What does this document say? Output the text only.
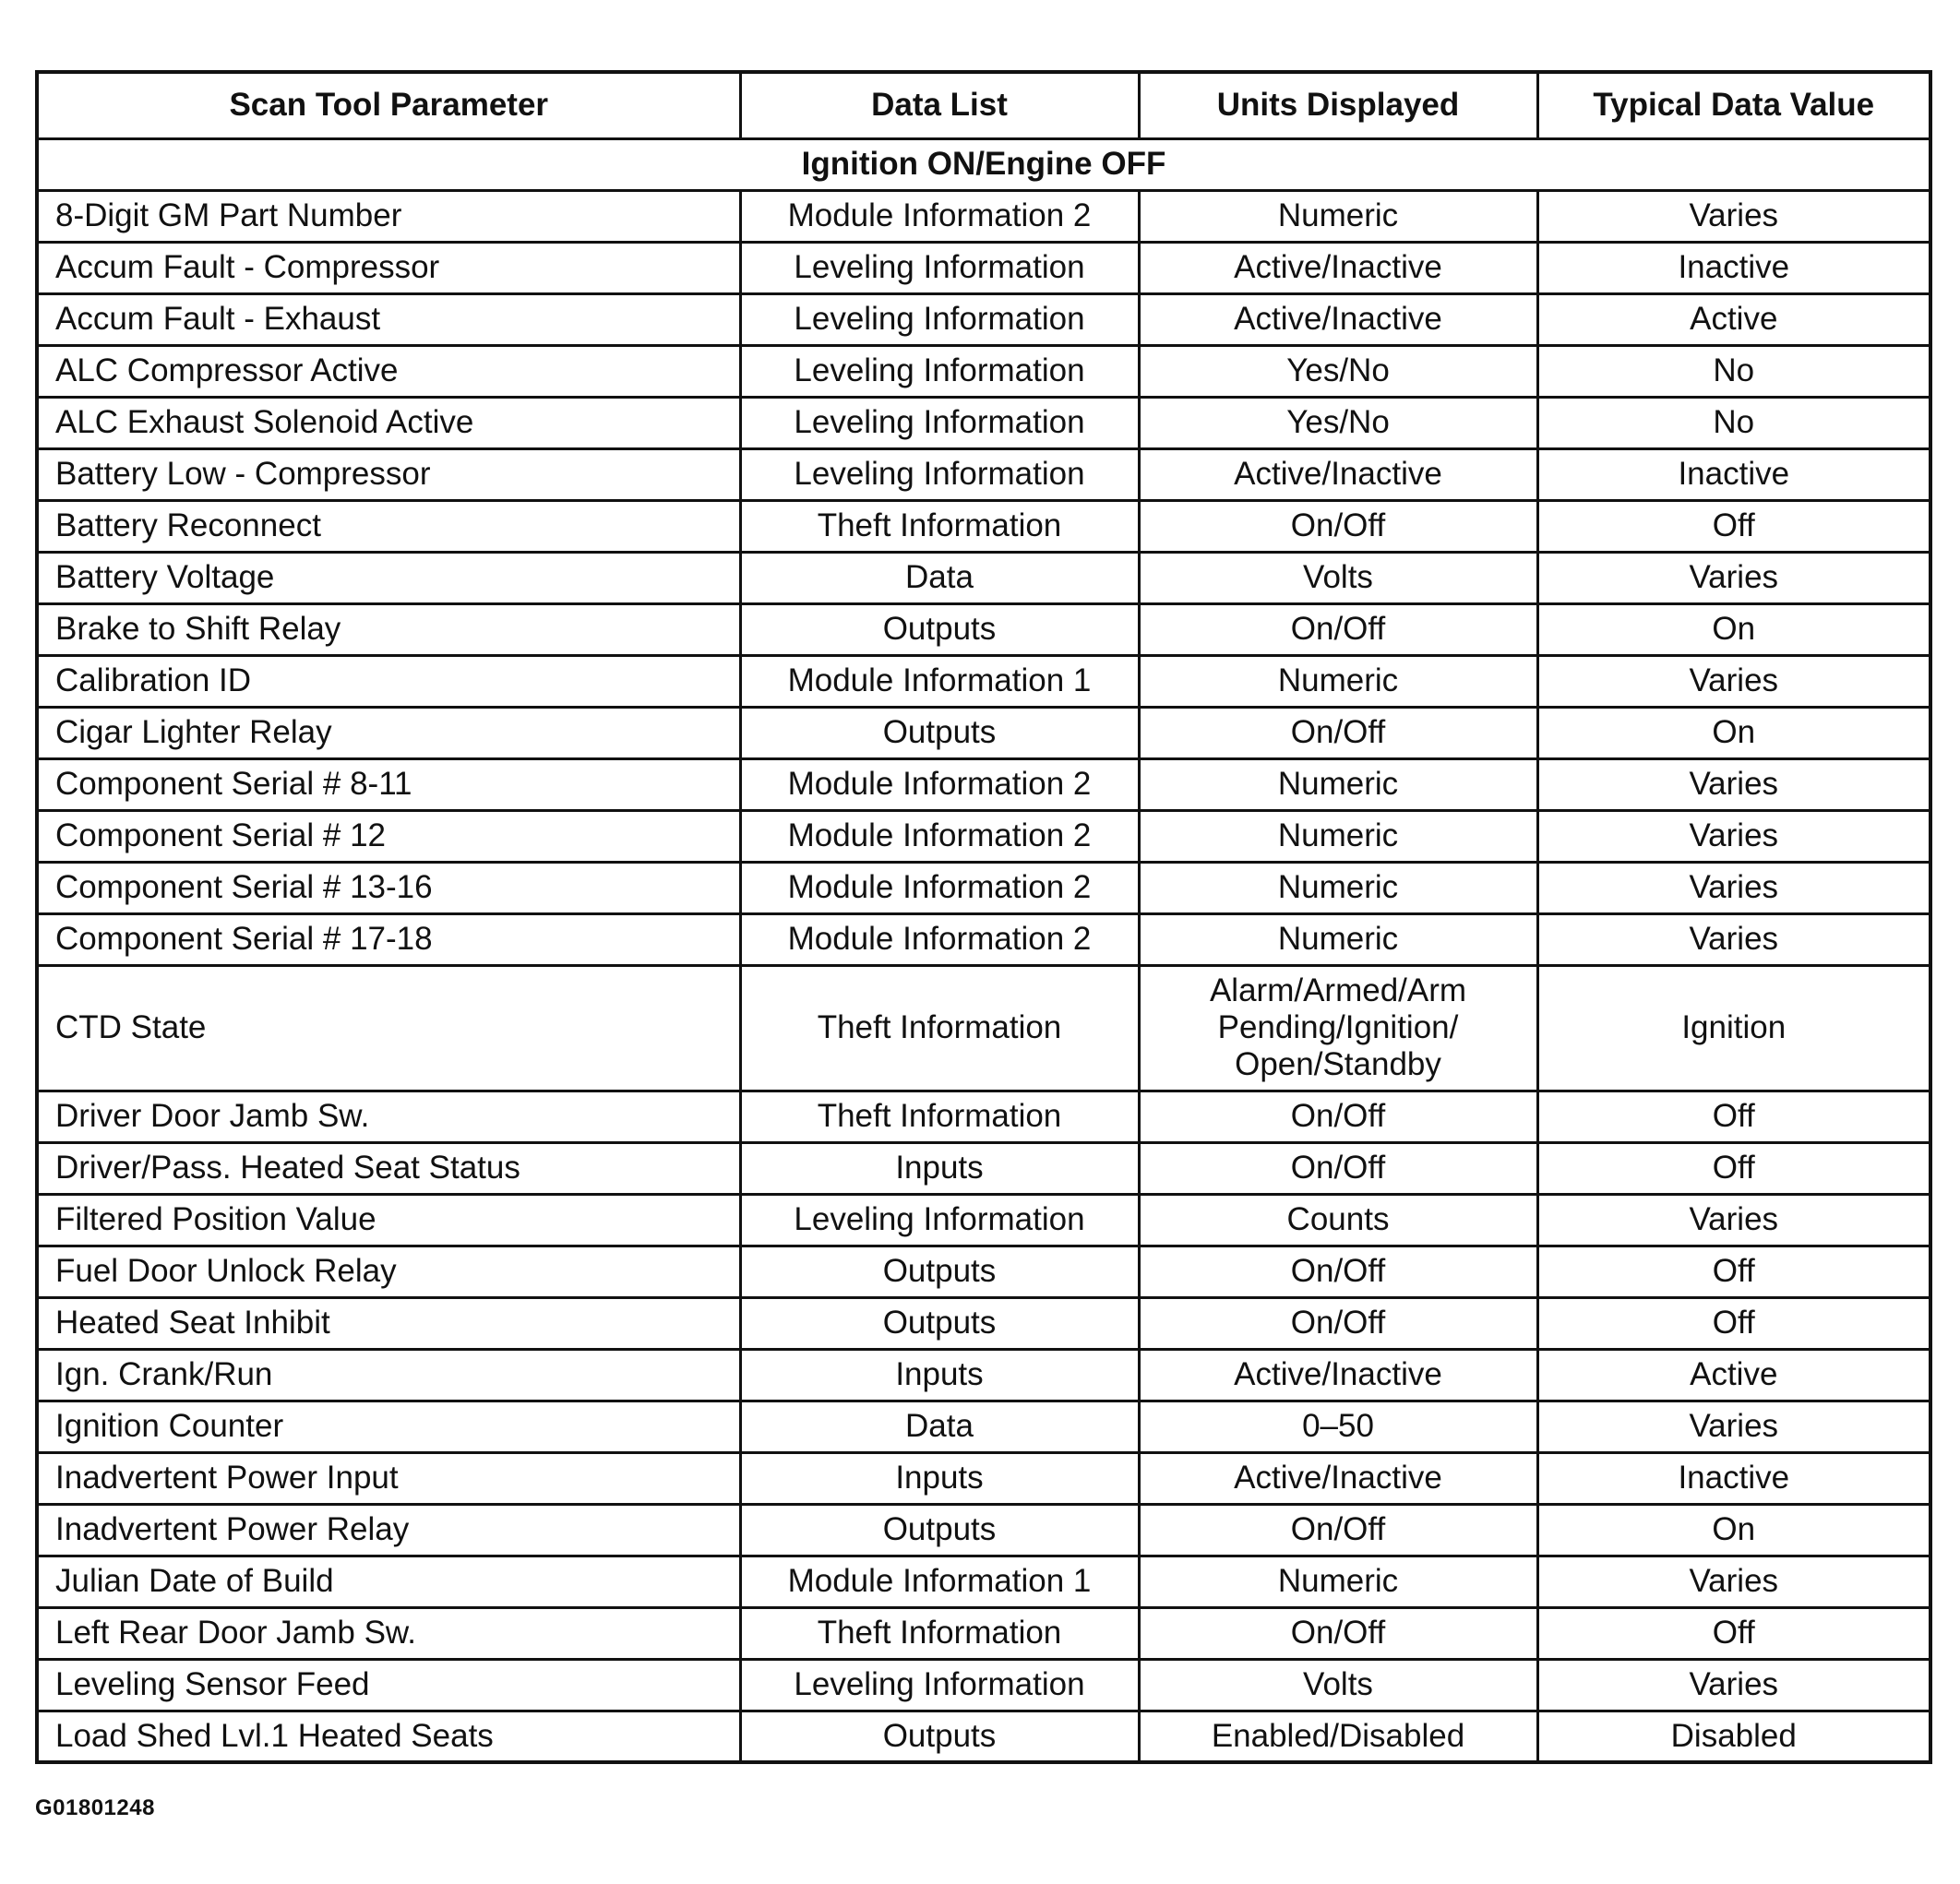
Scan Tool Parameter	Data List	Units Displayed	Typical Data Value
Ignition ON/Engine OFF			
8-Digit GM Part Number	Module Information 2	Numeric	Varies
Accum Fault - Compressor	Leveling Information	Active/Inactive	Inactive
Accum Fault - Exhaust	Leveling Information	Active/Inactive	Active
ALC Compressor Active	Leveling Information	Yes/No	No
ALC Exhaust Solenoid Active	Leveling Information	Yes/No	No
Battery Low - Compressor	Leveling Information	Active/Inactive	Inactive
Battery Reconnect	Theft Information	On/Off	Off
Battery Voltage	Data	Volts	Varies
Brake to Shift Relay	Outputs	On/Off	On
Calibration ID	Module Information 1	Numeric	Varies
Cigar Lighter Relay	Outputs	On/Off	On
Component Serial # 8-11	Module Information 2	Numeric	Varies
Component Serial # 12	Module Information 2	Numeric	Varies
Component Serial # 13-16	Module Information 2	Numeric	Varies
Component Serial # 17-18	Module Information 2	Numeric	Varies
CTD State	Theft Information	Alarm/Armed/Arm Pending/Ignition/ Open/Standby	Ignition
Driver Door Jamb Sw.	Theft Information	On/Off	Off
Driver/Pass. Heated Seat Status	Inputs	On/Off	Off
Filtered Position Value	Leveling Information	Counts	Varies
Fuel Door Unlock Relay	Outputs	On/Off	Off
Heated Seat Inhibit	Outputs	On/Off	Off
Ign. Crank/Run	Inputs	Active/Inactive	Active
Ignition Counter	Data	0–50	Varies
Inadvertent Power Input	Inputs	Active/Inactive	Inactive
Inadvertent Power Relay	Outputs	On/Off	On
Julian Date of Build	Module Information 1	Numeric	Varies
Left Rear Door Jamb Sw.	Theft Information	On/Off	Off
Leveling Sensor Feed	Leveling Information	Volts	Varies
Load Shed Lvl.1 Heated Seats	Outputs	Enabled/Disabled	Disabled
G01801248
